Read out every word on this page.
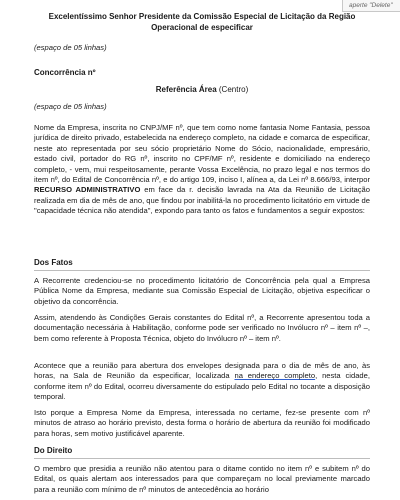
aperte "Delete"
Excelentíssimo Senhor Presidente da Comissão Especial de Licitação da Região
Operacional de especificar
(espaço de 05 linhas)
Concorrência nº
Referência Área (Centro)
(espaço de 05 linhas)
Nome da Empresa, inscrita no CNPJ/MF nº, que tem como nome fantasia Nome Fantasia, pessoa jurídica de direito privado, estabelecida na endereço completo, na cidade e comarca de especificar, neste ato representada por seu sócio proprietário Nome do Sócio, nacionalidade, empresário, estado civil, portador do RG nº, inscrito no CPF/MF nº, residente e domiciliado na endereço completo, - vem, mui respeitosamente, perante Vossa Excelência, no prazo legal e nos termos do item nº, do Edital de Concorrência nº, e do artigo 109, inciso I, alínea a, da Lei nº 8.666/93, interpor RECURSO ADMINISTRATIVO em face da r. decisão lavrada na Ata da Reunião de Licitação realizada em dia de mês de ano, que findou por inabilitá-la no procedimento licitatório em virtude de "capacidade técnica não atendida", expondo para tanto os fatos e fundamentos a seguir expostos:
Dos Fatos
A Recorrente credenciou-se no procedimento licitatório de Concorrência pela qual a Empresa Pública Nome da Empresa, mediante sua Comissão Especial de Licitação, objetiva especificar o objetivo da concorrência.
Assim, atendendo às Condições Gerais constantes do Edital nº, a Recorrente apresentou toda a documentação necessária à Habilitação, conforme pode ser verificado no Invólucro nº – item nº –, bem como referente à Proposta Técnica, objeto do Invólucro nº – item nº.
Acontece que a reunião para abertura dos envelopes designada para o dia de mês de ano, às horas, na Sala de Reunião da especificar, localizada na endereço completo, nesta cidade, conforme item nº do Edital, ocorreu diversamente do estipulado pelo Edital no tocante a disposição temporal.
Isto porque a Empresa Nome da Empresa, interessada no certame, fez-se presente com nº minutos de atraso ao horário previsto, desta forma o horário de abertura da reunião foi modificado para horas, sem motivo justificável aparente.
Do Direito
O membro que presidia a reunião não atentou para o ditame contido no item nº e subitem nº do Edital, os quais alertam aos interessados para que compareçam no local previamente marcado para a reunião com mínimo de nº minutos de antecedência ao horário
